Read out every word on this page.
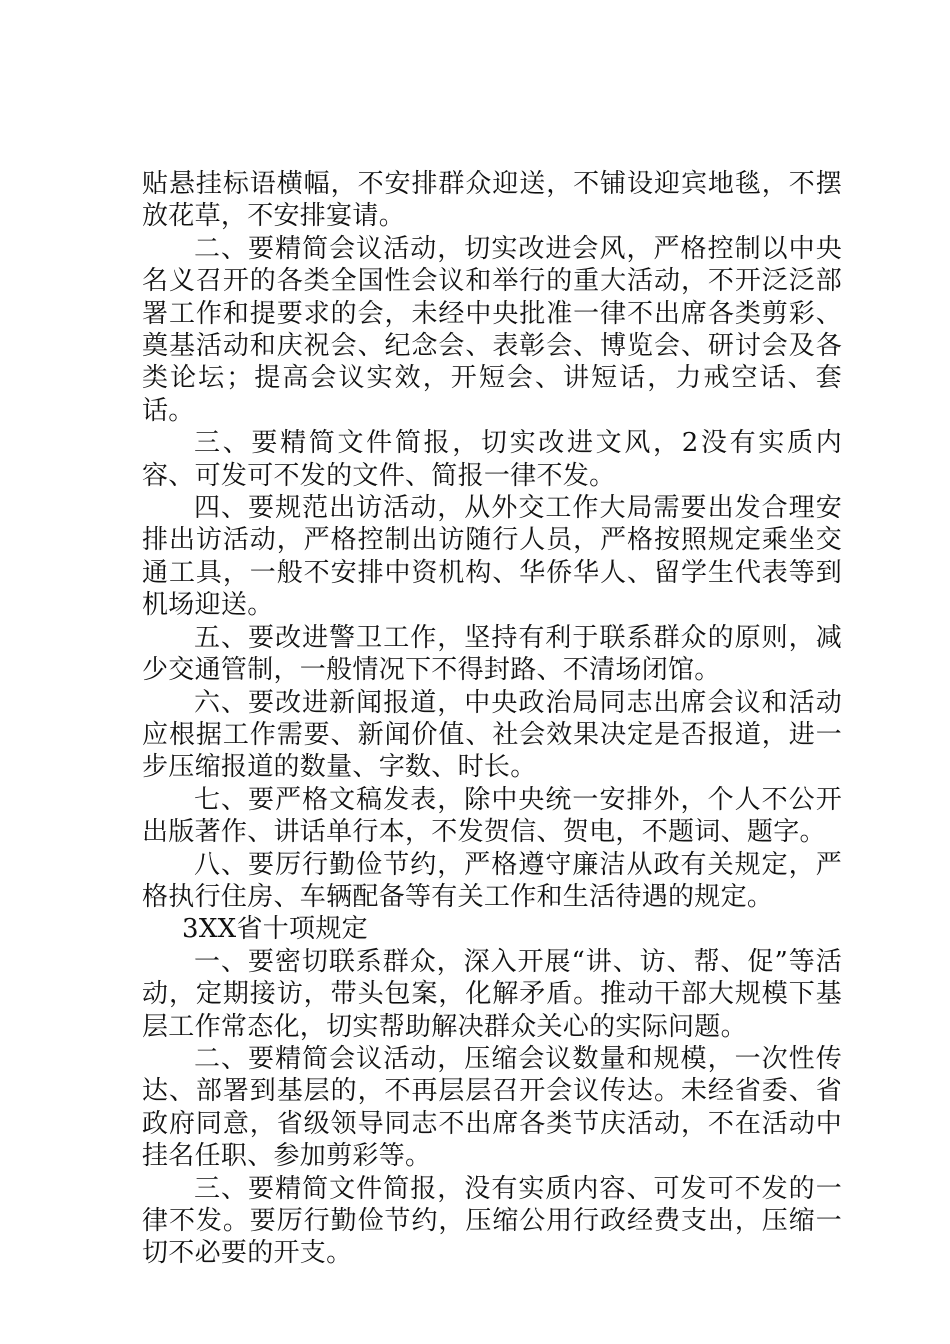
贴悬挂标语横幅，不安排群众迎送，不铺设迎宾地毯，不摆放花草，不安排宴请。

二、要精简会议活动，切实改进会风，严格控制以中央名义召开的各类全国性会议和举行的重大活动，不开泛泛部署工作和提要求的会，未经中央批准一律不出席各类剪彩、奠基活动和庆祝会、纪念会、表彰会、博览会、研讨会及各类论坛；提高会议实效，开短会、讲短话，力戒空话、套话。

三、要精简文件简报，切实改进文风，2没有实质内容、可发可不发的文件、简报一律不发。

四、要规范出访活动，从外交工作大局需要出发合理安排出访活动，严格控制出访随行人员，严格按照规定乘坐交通工具，一般不安排中资机构、华侨华人、留学生代表等到机场迎送。

五、要改进警卫工作，坚持有利于联系群众的原则，减少交通管制，一般情况下不得封路、不清场闭馆。

六、要改进新闻报道，中央政治局同志出席会议和活动应根据工作需要、新闻价值、社会效果决定是否报道，进一步压缩报道的数量、字数、时长。

七、要严格文稿发表，除中央统一安排外，个人不公开出版著作、讲话单行本，不发贺信、贺电，不题词、题字。

八、要厉行勤俭节约，严格遵守廉洁从政有关规定，严格执行住房、车辆配备等有关工作和生活待遇的规定。

3XX省十项规定

一、要密切联系群众，深入开展“讲、访、帮、促”等活动，定期接访，带头包案，化解矛盾。推动干部大规模下基层工作常态化，切实帮助解决群众关心的实际问题。

二、要精简会议活动，压缩会议数量和规模，一次性传达、部署到基层的，不再层层召开会议传达。未经省委、省政府同意，省级领导同志不出席各类节庆活动，不在活动中挂名任职、参加剪彩等。

三、要精简文件简报，没有实质内容、可发可不发的一律不发。要厉行勤俭节约，压缩公用行政经费支出，压缩一切不必要的开支。
